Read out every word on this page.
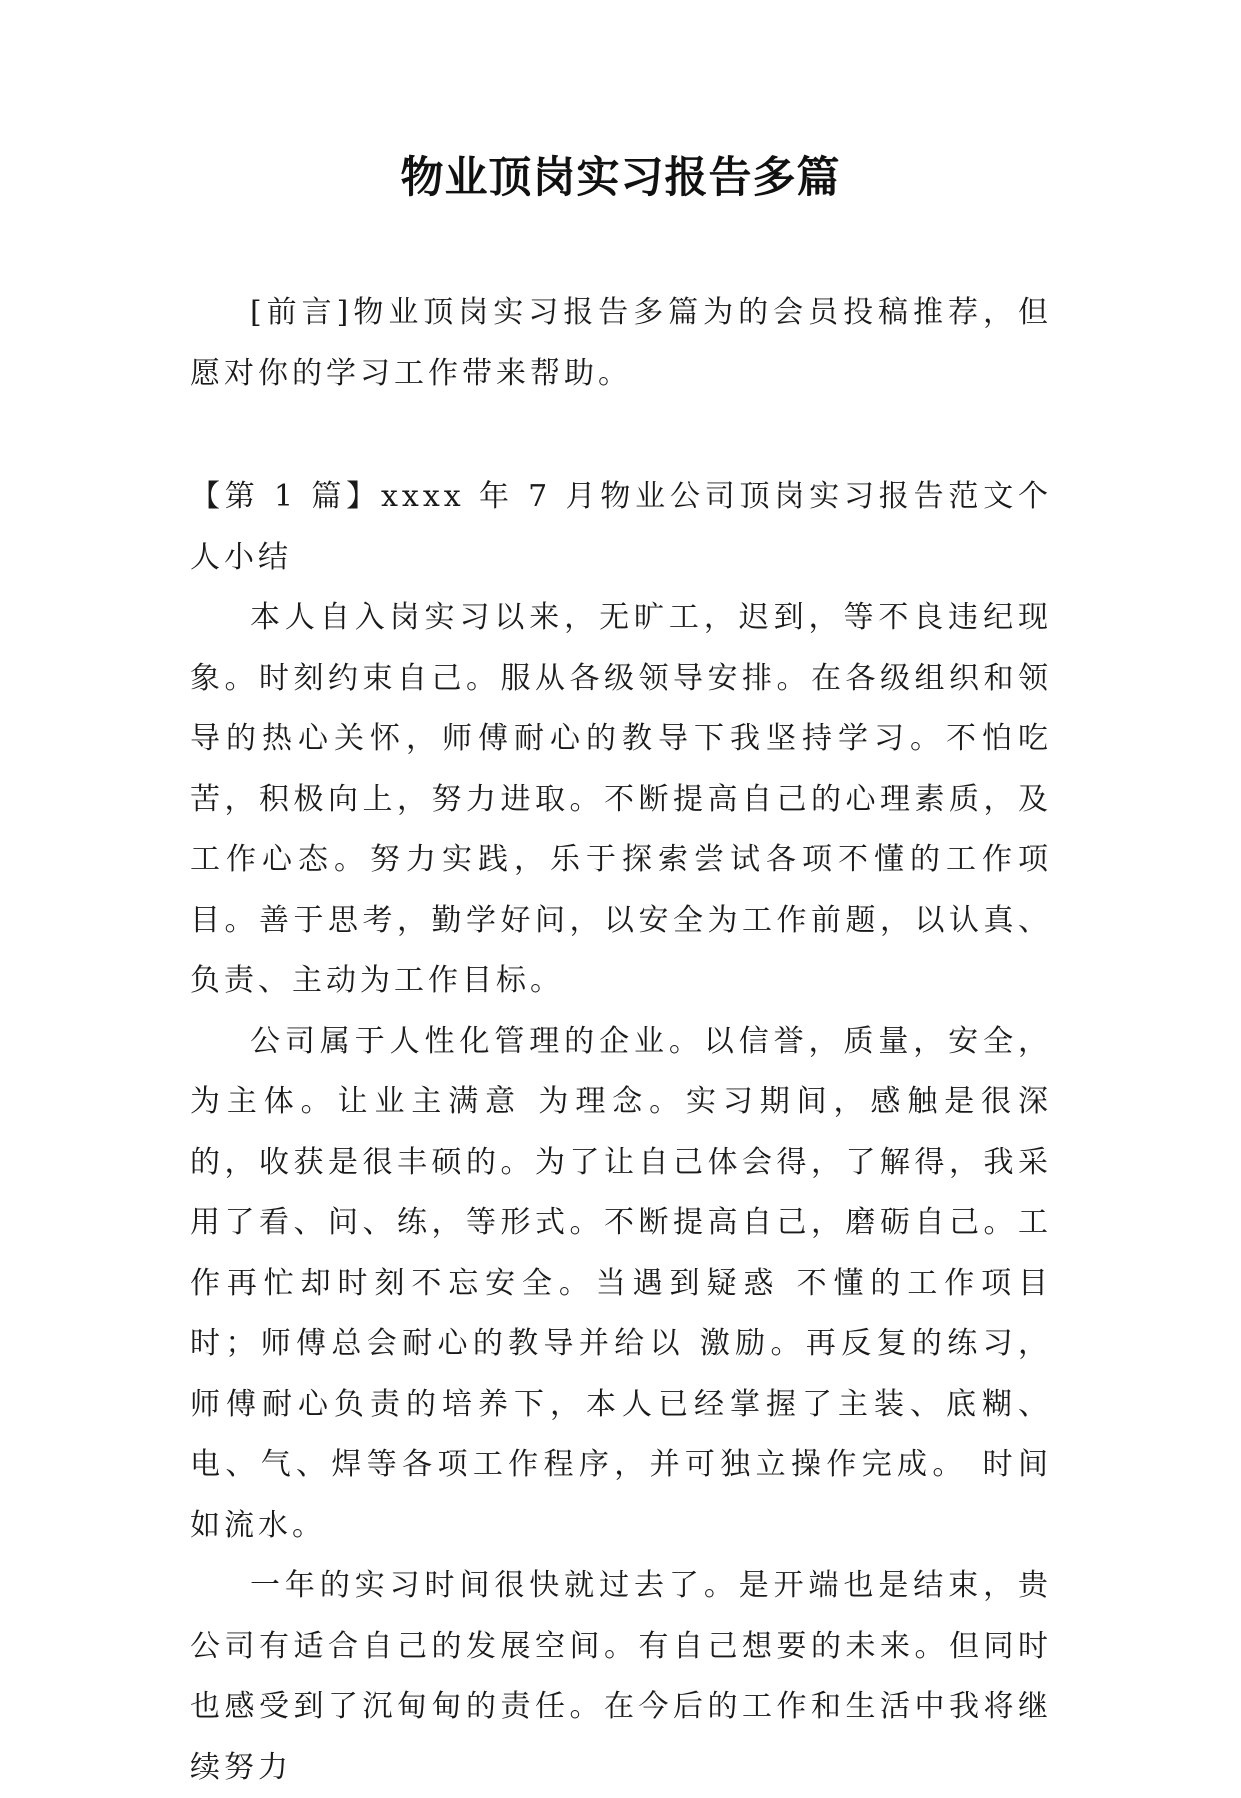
物业顶岗实习报告多篇

[前言]物业顶岗实习报告多篇为的会员投稿推荐，但愿对你的学习工作带来帮助。

【第 1 篇】xxxx 年 7 月物业公司顶岗实习报告范文个人小结

本人自入岗实习以来，无旷工，迟到，等不良违纪现象。时刻约束自己。服从各级领导安排。在各级组织和领导的热心关怀，师傅耐心的教导下我坚持学习。不怕吃苦，积极向上，努力进取。不断提高自己的心理素质，及工作心态。努力实践，乐于探索尝试各项不懂的工作项目。善于思考，勤学好问，以安全为工作前题，以认真、负责、主动为工作目标。

公司属于人性化管理的企业。以信誉，质量，安全，为主体。让业主满意 为理念。实习期间，感触是很深的，收获是很丰硕的。为了让自己体会得，了解得，我采用了看、问、练，等形式。不断提高自己，磨砺自己。工作再忙却时刻不忘安全。当遇到疑惑 不懂的工作项目时；师傅总会耐心的教导并给以 激励。再反复的练习，师傅耐心负责的培养下，本人已经掌握了主装、底糊、电、气、焊等各项工作程序，并可独立操作完成。 时间如流水。

一年的实习时间很快就过去了。是开端也是结束，贵公司有适合自己的发展空间。有自己想要的未来。但同时也感受到了沉甸甸的责任。在今后的工作和生活中我将继续努力
